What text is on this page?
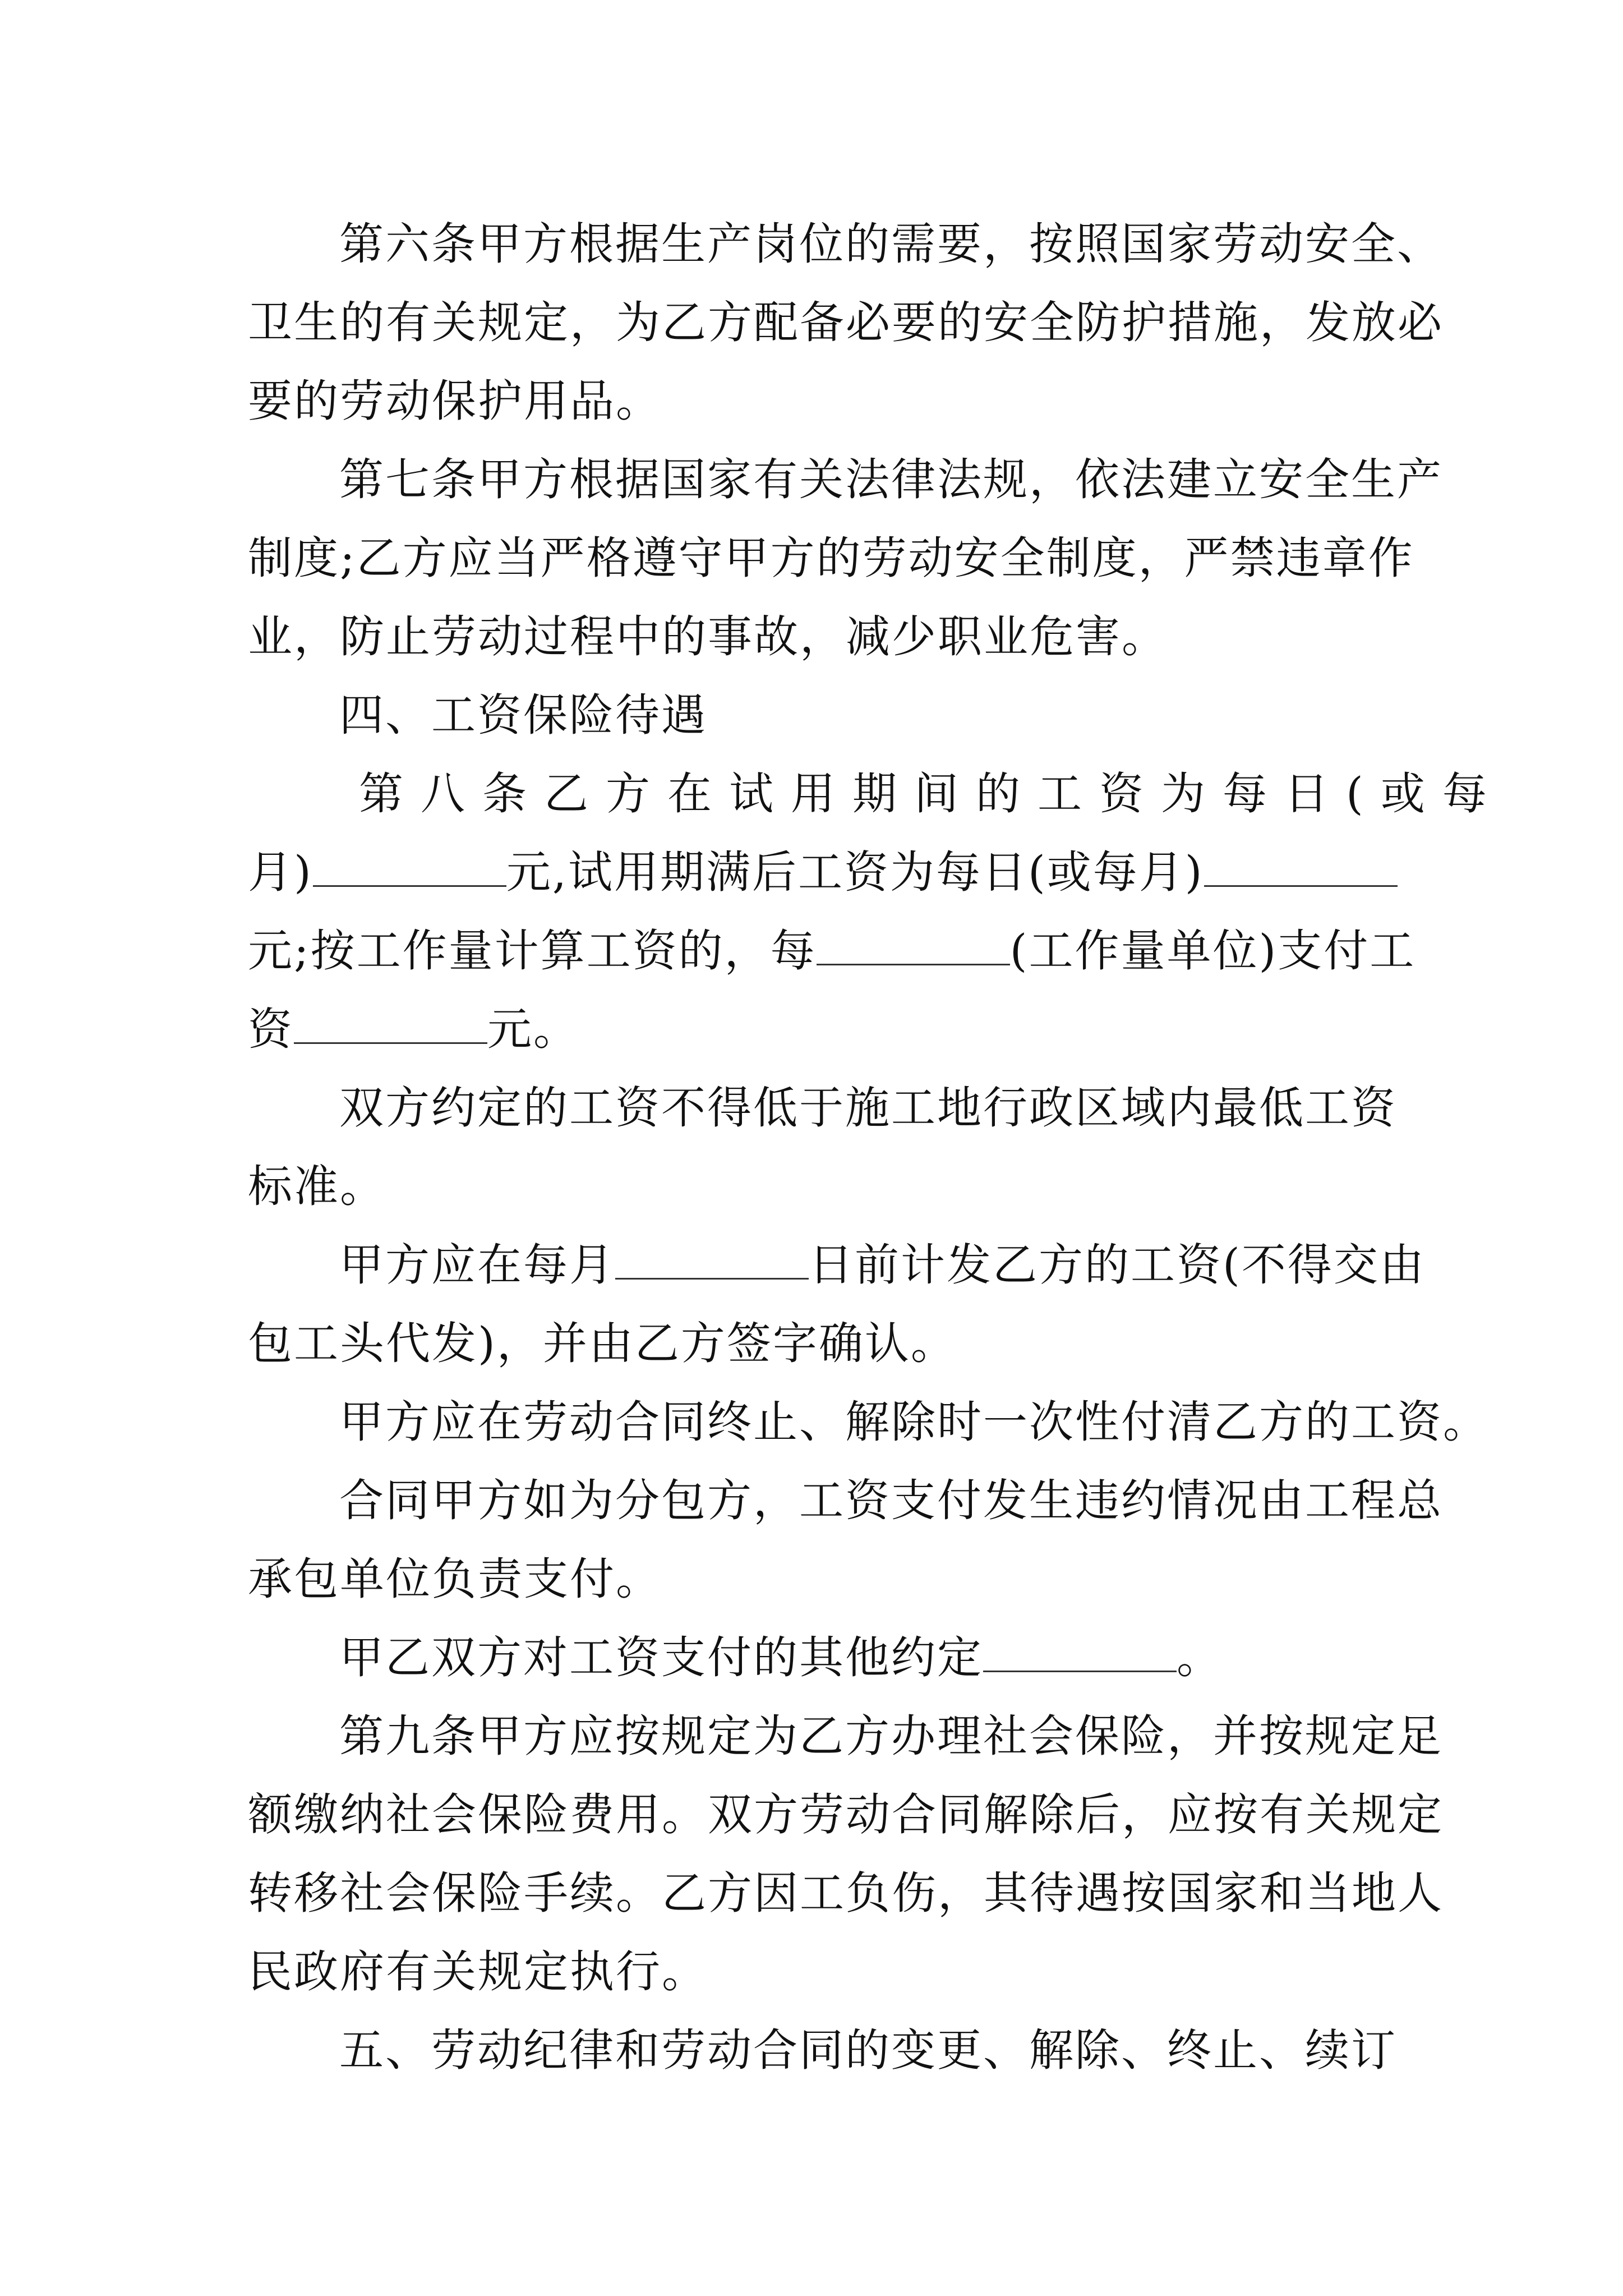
第六条甲方根据生产岗位的需要，按照国家劳动安全、
卫生的有关规定，为乙方配备必要的安全防护措施，发放必
要的劳动保护用品。
第七条甲方根据国家有关法律法规，依法建立安全生产
制度;乙方应当严格遵守甲方的劳动安全制度，严禁违章作
业，防止劳动过程中的事故，减少职业危害。
四、工资保险待遇
第八条乙方在试用期间的工资为每日(或每
月)	元,试用期满后工资为每日(或每月)
元;按工作量计算工资的，每	(工作量单位)支付工
资	元。
双方约定的工资不得低于施工地行政区域内最低工资
标准。
甲方应在每月	日前计发乙方的工资(不得交由
包工头代发)，并由乙方签字确认。
甲方应在劳动合同终止、解除时一次性付清乙方的工资。
合同甲方如为分包方，工资支付发生违约情况由工程总
承包单位负责支付。
甲乙双方对工资支付的其他约定	。
第九条甲方应按规定为乙方办理社会保险，并按规定足
额缴纳社会保险费用。双方劳动合同解除后，应按有关规定
转移社会保险手续。乙方因工负伤，其待遇按国家和当地人
民政府有关规定执行。
五、劳动纪律和劳动合同的变更、解除、终止、续订
